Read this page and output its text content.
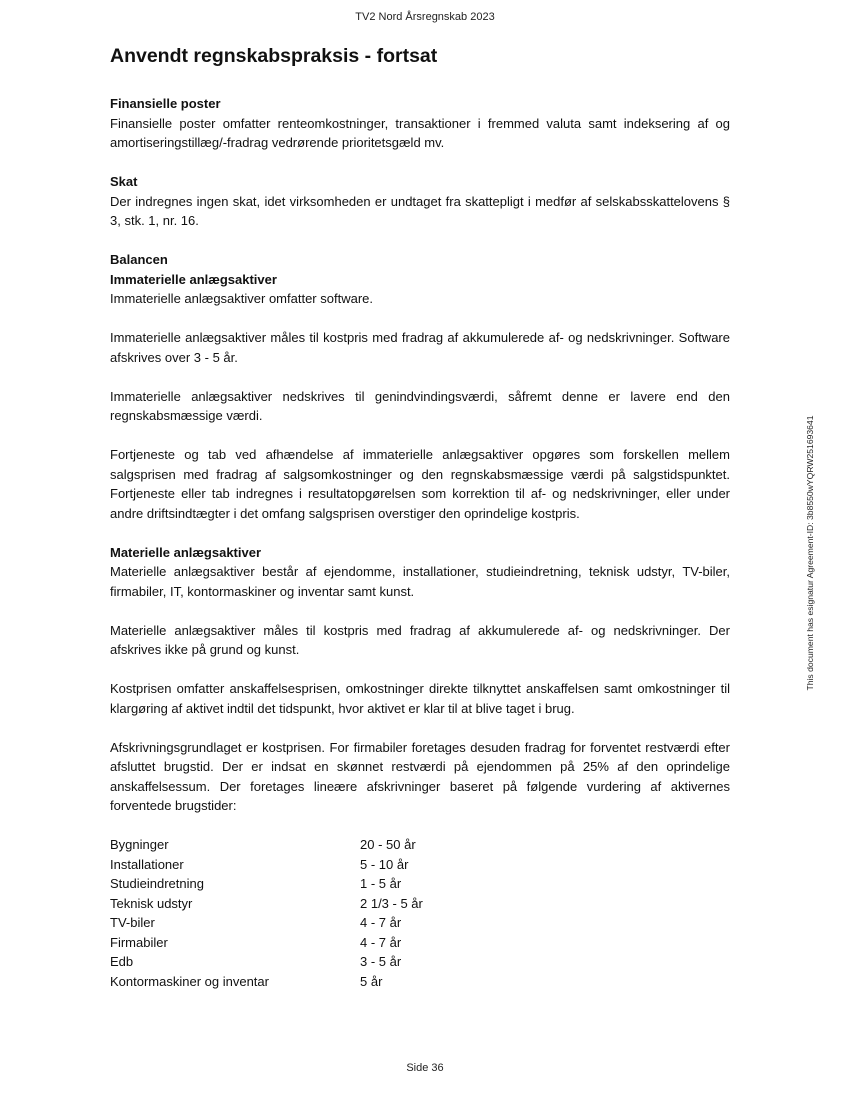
TV2 Nord Årsregnskab 2023
Anvendt regnskabspraksis - fortsat
Finansielle poster

Finansielle poster omfatter renteomkostninger, transaktioner i fremmed valuta samt indeksering af og amortiseringstillæg/-fradrag vedrørende prioritetsgæld mv.

Skat

Der indregnes ingen skat, idet virksomheden er undtaget fra skattepligt i medfør af selskabsskattelovens § 3, stk. 1, nr. 16.

Balancen
Immaterielle anlægsaktiver

Immaterielle anlægsaktiver omfatter software.

Immaterielle anlægsaktiver måles til kostpris med fradrag af akkumulerede af- og nedskrivninger. Software afskrives over 3 - 5 år.

Immaterielle anlægsaktiver nedskrives til genindvindingsværdi, såfremt denne er lavere end den regnskabsmæssige værdi.

Fortjeneste og tab ved afhændelse af immaterielle anlægsaktiver opgøres som forskellen mellem salgsprisen med fradrag af salgsomkostninger og den regnskabsmæssige værdi på salgstidspunktet. Fortjeneste eller tab indregnes i resultatopgørelsen som korrektion til af- og nedskrivninger, eller under andre driftsindtægter i det omfang salgsprisen overstiger den oprindelige kostpris.

Materielle anlægsaktiver

Materielle anlægsaktiver består af ejendomme, installationer, studieindretning, teknisk udstyr, TV-biler, firmabiler, IT, kontormaskiner og inventar samt kunst.

Materielle anlægsaktiver måles til kostpris med fradrag af akkumulerede af- og nedskrivninger. Der afskrives ikke på grund og kunst.

Kostprisen omfatter anskaffelsesprisen, omkostninger direkte tilknyttet anskaffelsen samt omkostninger til klargøring af aktivet indtil det tidspunkt, hvor aktivet er klar til at blive taget i brug.

Afskrivningsgrundlaget er kostprisen. For firmabiler foretages desuden fradrag for forventet restværdi efter afsluttet brugstid. Der er indsat en skønnet restværdi på ejendommen på 25% af den oprindelige anskaffelsessum. Der foretages lineære afskrivninger baseret på følgende vurdering af aktivernes forventede brugstider:

Bygninger	20 - 50 år
Installationer	5 - 10 år
Studieindretning	1 - 5 år
Teknisk udstyr	2 1/3 - 5 år
TV-biler	4 - 7 år
Firmabiler	4 - 7 år
Edb	3 - 5 år
Kontormaskiner og inventar	5 år
This document has esignatur Agreement-ID: 3b8550wYQRW251693641
Side 36
